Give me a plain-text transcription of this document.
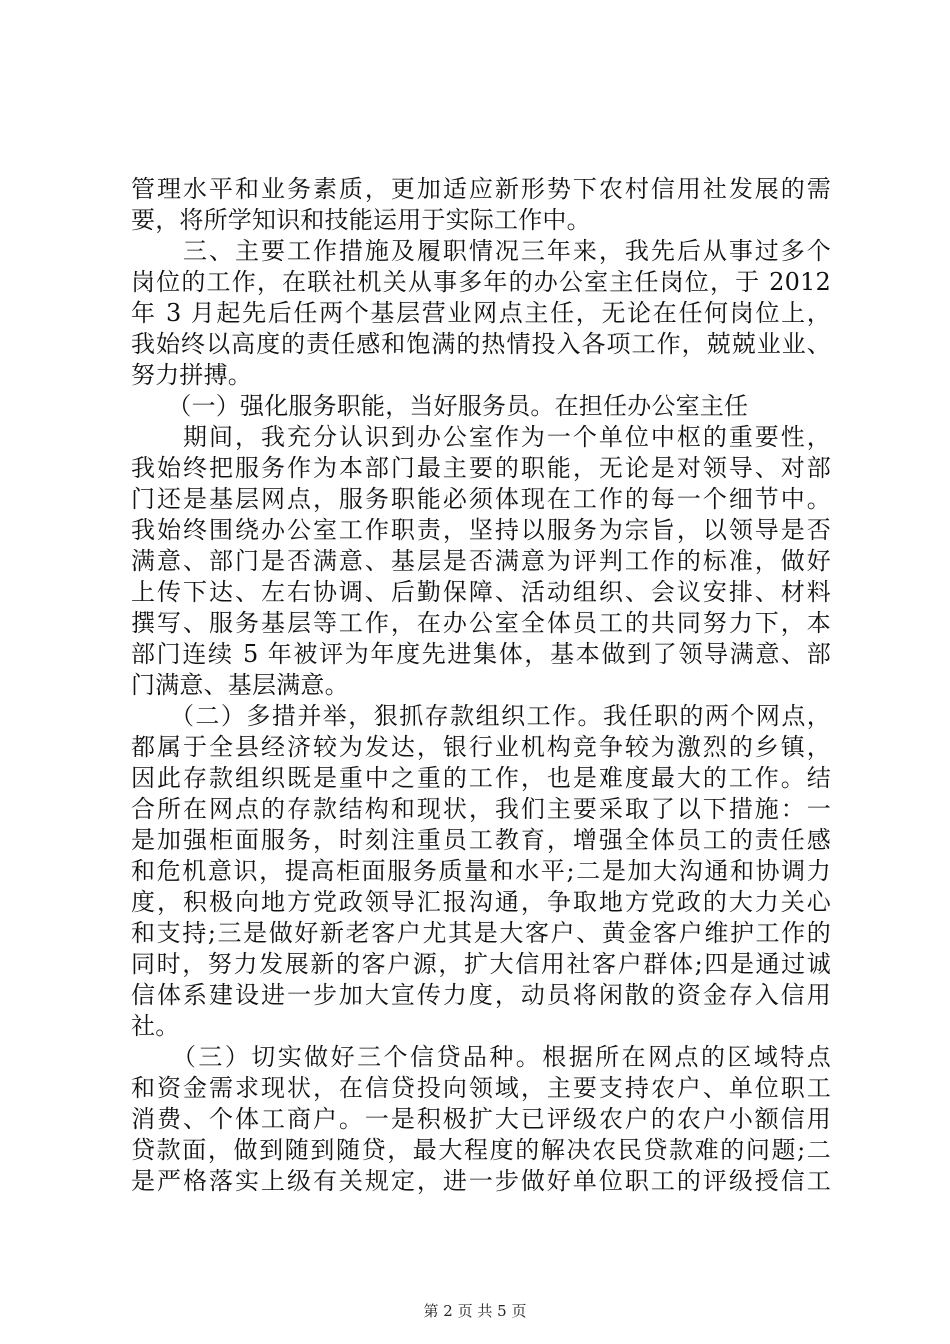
管理水平和业务素质，更加适应新形势下农村信用社发展的需
要，将所学知识和技能运用于实际工作中。
　　三、主要工作措施及履职情况三年来，我先后从事过多个
岗位的工作，在联社机关从事多年的办公室主任岗位，于 2012
年 3 月起先后任两个基层营业网点主任，无论在任何岗位上，
我始终以高度的责任感和饱满的热情投入各项工作，兢兢业业、
努力拼搏。
　　（一）强化服务职能，当好服务员。在担任办公室主任
　　期间，我充分认识到办公室作为一个单位中枢的重要性，
我始终把服务作为本部门最主要的职能，无论是对领导、对部
门还是基层网点，服务职能必须体现在工作的每一个细节中。
我始终围绕办公室工作职责，坚持以服务为宗旨，以领导是否
满意、部门是否满意、基层是否满意为评判工作的标准，做好
上传下达、左右协调、后勤保障、活动组织、会议安排、材料
撰写、服务基层等工作，在办公室全体员工的共同努力下，本
部门连续 5 年被评为年度先进集体，基本做到了领导满意、部
门满意、基层满意。
　　（二）多措并举，狠抓存款组织工作。我任职的两个网点，
都属于全县经济较为发达，银行业机构竞争较为激烈的乡镇，
因此存款组织既是重中之重的工作，也是难度最大的工作。结
合所在网点的存款结构和现状，我们主要采取了以下措施：一
是加强柜面服务，时刻注重员工教育，增强全体员工的责任感
和危机意识，提高柜面服务质量和水平;二是加大沟通和协调力
度，积极向地方党政领导汇报沟通，争取地方党政的大力关心
和支持;三是做好新老客户尤其是大客户、黄金客户维护工作的
同时，努力发展新的客户源，扩大信用社客户群体;四是通过诚
信体系建设进一步加大宣传力度，动员将闲散的资金存入信用
社。
　　（三）切实做好三个信贷品种。根据所在网点的区域特点
和资金需求现状，在信贷投向领域，主要支持农户、单位职工
消费、个体工商户。一是积极扩大已评级农户的农户小额信用
贷款面，做到随到随贷，最大程度的解决农民贷款难的问题;二
是严格落实上级有关规定，进一步做好单位职工的评级授信工
第 2 页 共 5 页
